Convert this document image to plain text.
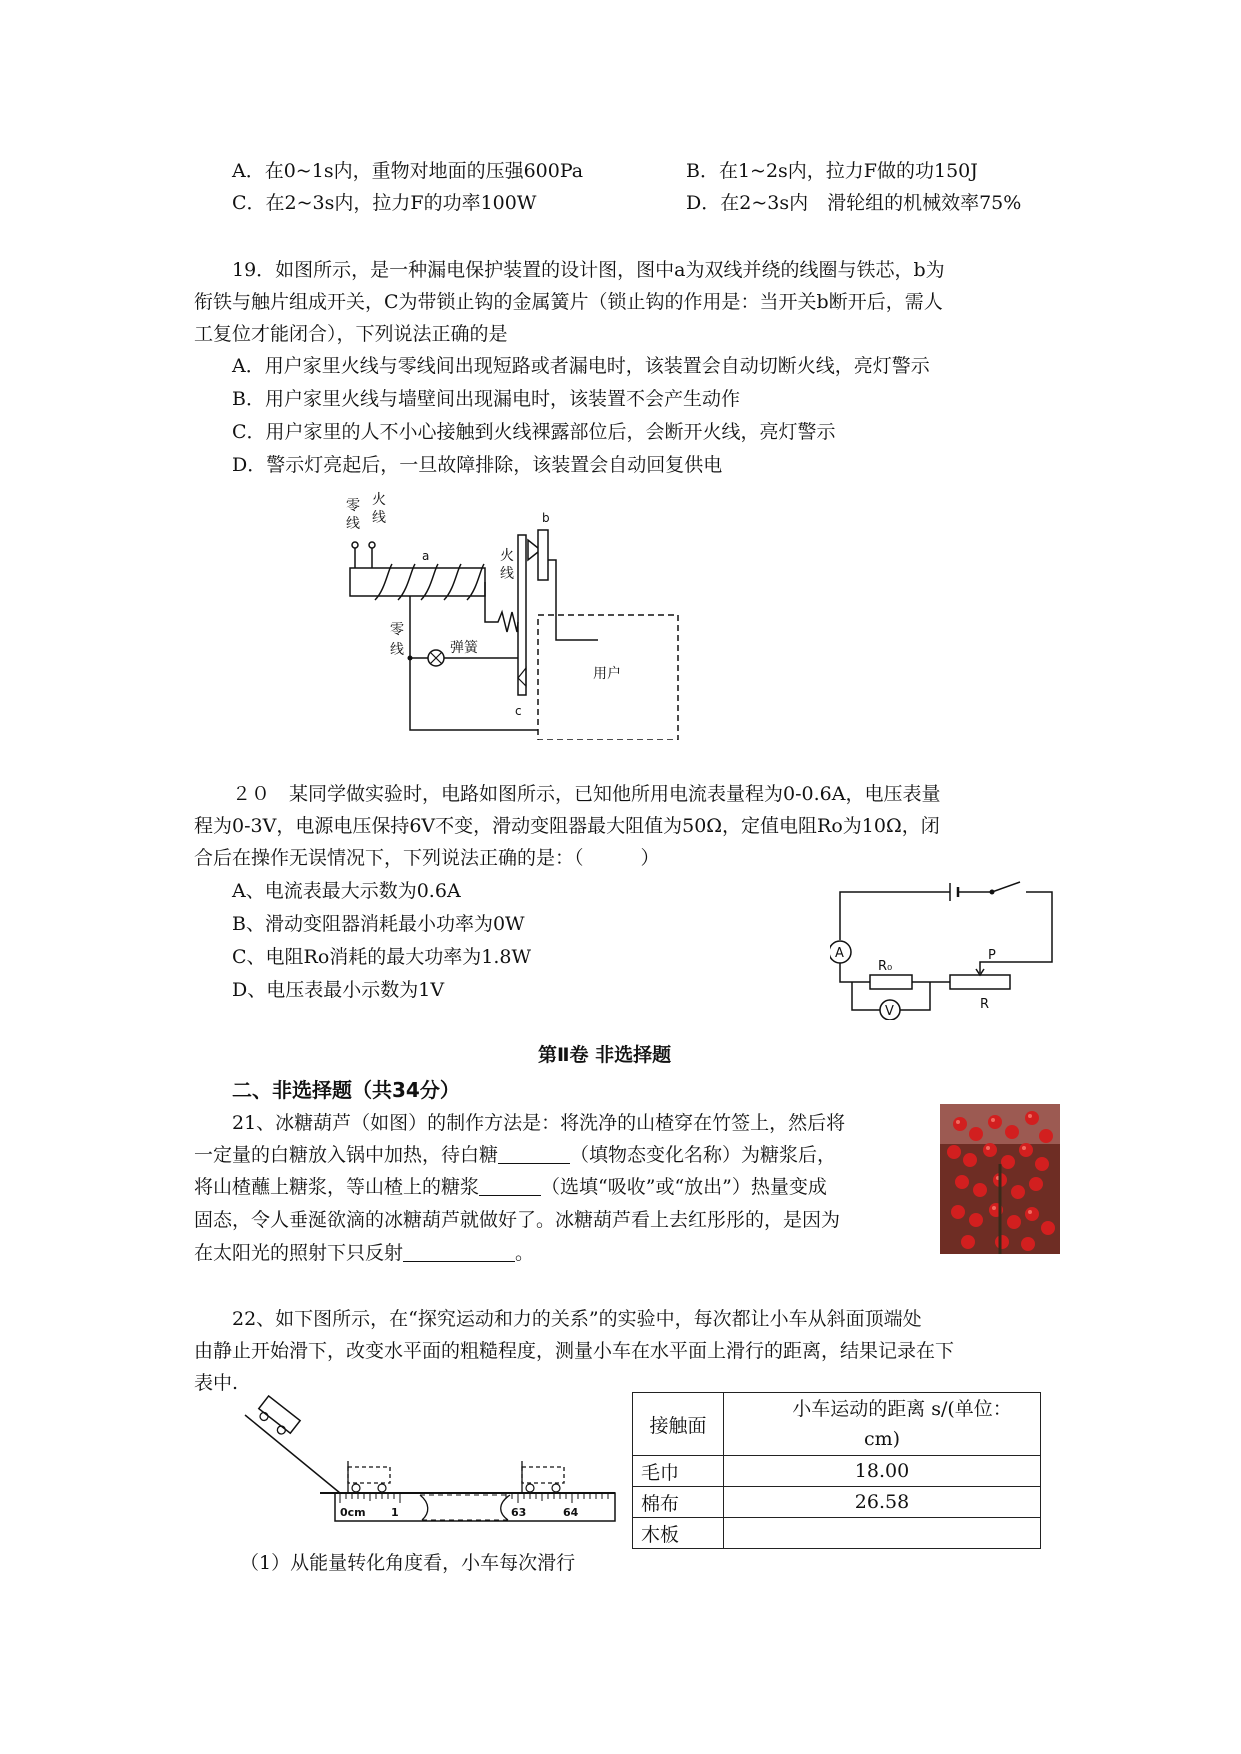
A．在0~1s内，重物对地面的压强600Pa	B．在1~2s内，拉力F做的功150J
C．在2~3s内，拉力F的功率100W	D．在2~3s内　滑轮组的机械效率75%
19．如图所示，是一种漏电保护装置的设计图，图中a为双线并绕的线圈与铁芯，b为
衔铁与触片组成开关，C为带锁止钩的金属簧片（锁止钩的作用是：当开关b断开后，需人
工复位才能闭合），下列说法正确的是
A．用户家里火线与零线间出现短路或者漏电时，该装置会自动切断火线，亮灯警示
B．用户家里火线与墙壁间出现漏电时，该装置不会产生动作
C．用户家里的人不小心接触到火线裸露部位后，会断开火线，亮灯警示
D．警示灯亮起后，一旦故障排除，该装置会自动回复供电
零
线
火
线
a
b
火
线
弹簧
零
线
c
用户
２０　某同学做实验时，电路如图所示，已知他所用电流表量程为0-0.6A，电压表量
程为0-3V，电源电压保持6V不变，滑动变阻器最大阻值为50Ω，定值电阻Ro为10Ω，闭
合后在操作无误情况下，下列说法正确的是：（　　　）
A、电流表最大示数为0.6A
B、滑动变阻器消耗最小功率为0W
C、电阻Ro消耗的最大功率为1.8W
D、电压表最小示数为1V
A
R₀
P
R
V
第Ⅱ卷 非选择题
二、非选择题（共34分）
21、冰糖葫芦（如图）的制作方法是：将洗净的山楂穿在竹签上，然后将
一定量的白糖放入锅中加热，待白糖	（填物态变化名称）为糖浆后，
将山楂蘸上糖浆，等山楂上的糖浆	（选填“吸收”或“放出”）热量变成
固态，令人垂涎欲滴的冰糖葫芦就做好了。冰糖葫芦看上去红彤彤的，是因为
在太阳光的照射下只反射	。
22、如下图所示，在“探究运动和力的关系”的实验中，每次都让小车从斜面顶端处
由静止开始滑下，改变水平面的粗糙程度，测量小车在水平面上滑行的距离，结果记录在下
表中.
0cm 1	63	64
接触面	小车运动的距离 s/(单位：
cm)

毛巾	18.00
棉布	26.58
木板	
（1）从能量转化角度看，小车每次滑行
